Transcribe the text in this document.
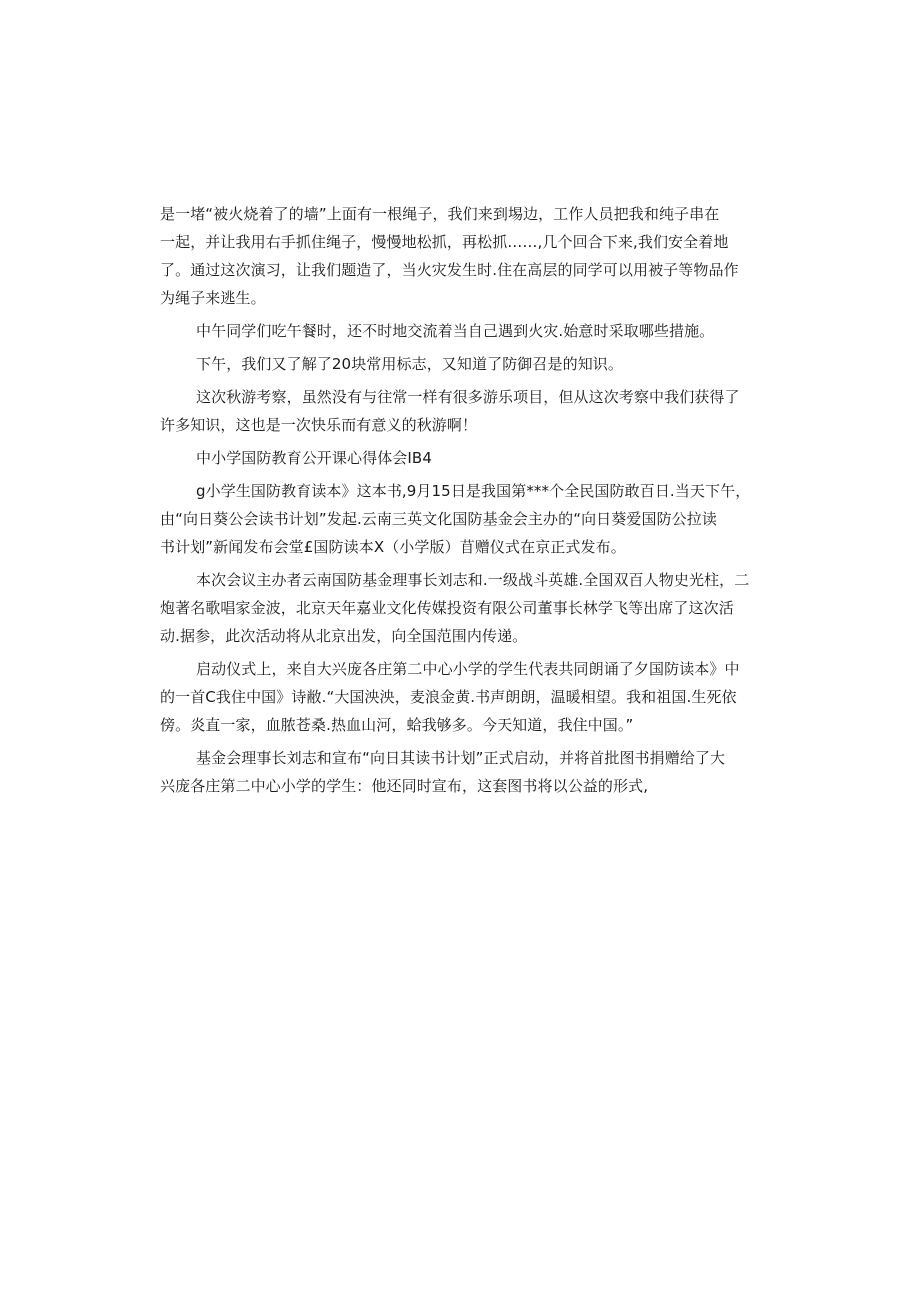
是一堵“被火烧着了的墙”上面有一根绳子，我们来到埸边，工作人员把我和纯子串在
一起，并让我用右手抓住绳子，慢慢地松抓，再松抓……,几个回合下来,我们安全着地
了。通过这次演习，让我们题造了，当火灾发生时.住在高层的同学可以用被子等物品作
为绳子来逃生。
中午同学们吃午餐时，还不时地交流着当自己遇到火灾.始意时采取哪些措施。
下午，我们又了解了20块常用标志，又知道了防御召是的知识。
这次秋游考察，虽然没有与往常一样有很多游乐项目，但从这次考察中我们获得了
许多知识，这也是一次快乐而有意义的秋游啊！
中小学国防教育公开课心得体会IB4
g小学生国防教育读本》这本书,9月15日是我国第***个全民国防敢百日.当天下午，
由“向日葵公会读书计划”发起.云南三英文化国防基金会主办的“向日葵爱国防公拉读
书计划”新闻发布会堂£国防读本X（小学版）苜赠仪式在京正式发布。
本次会议主办者云南国防基金理事长刘志和.一级战斗英雄.全国双百人物史光柱，二
炮著名歌唱家金波，北京天年嘉业文化传媒投资有限公司董事长林学飞等出席了这次活
动.据参，此次活动将从北京出发，向全国范围内传递。
启动仪式上，来自大兴庞各庄第二中心小学的学生代表共同朗诵了夕国防读本》中
的一首C我住中国》诗敝.“大国泱泱，麦浪金黄.书声朗朗，温暖相望。我和祖国.生死依
傍。炎直一家，血脓苍桑.热血山河，蛤我够多。今天知道，我住中国。”
基金会理事长刘志和宣布“向日其读书计划”正式启动，并将首批图书捐赠给了大
兴庞各庄第二中心小学的学生：他还同时宣布，这套图书将以公益的形式,
